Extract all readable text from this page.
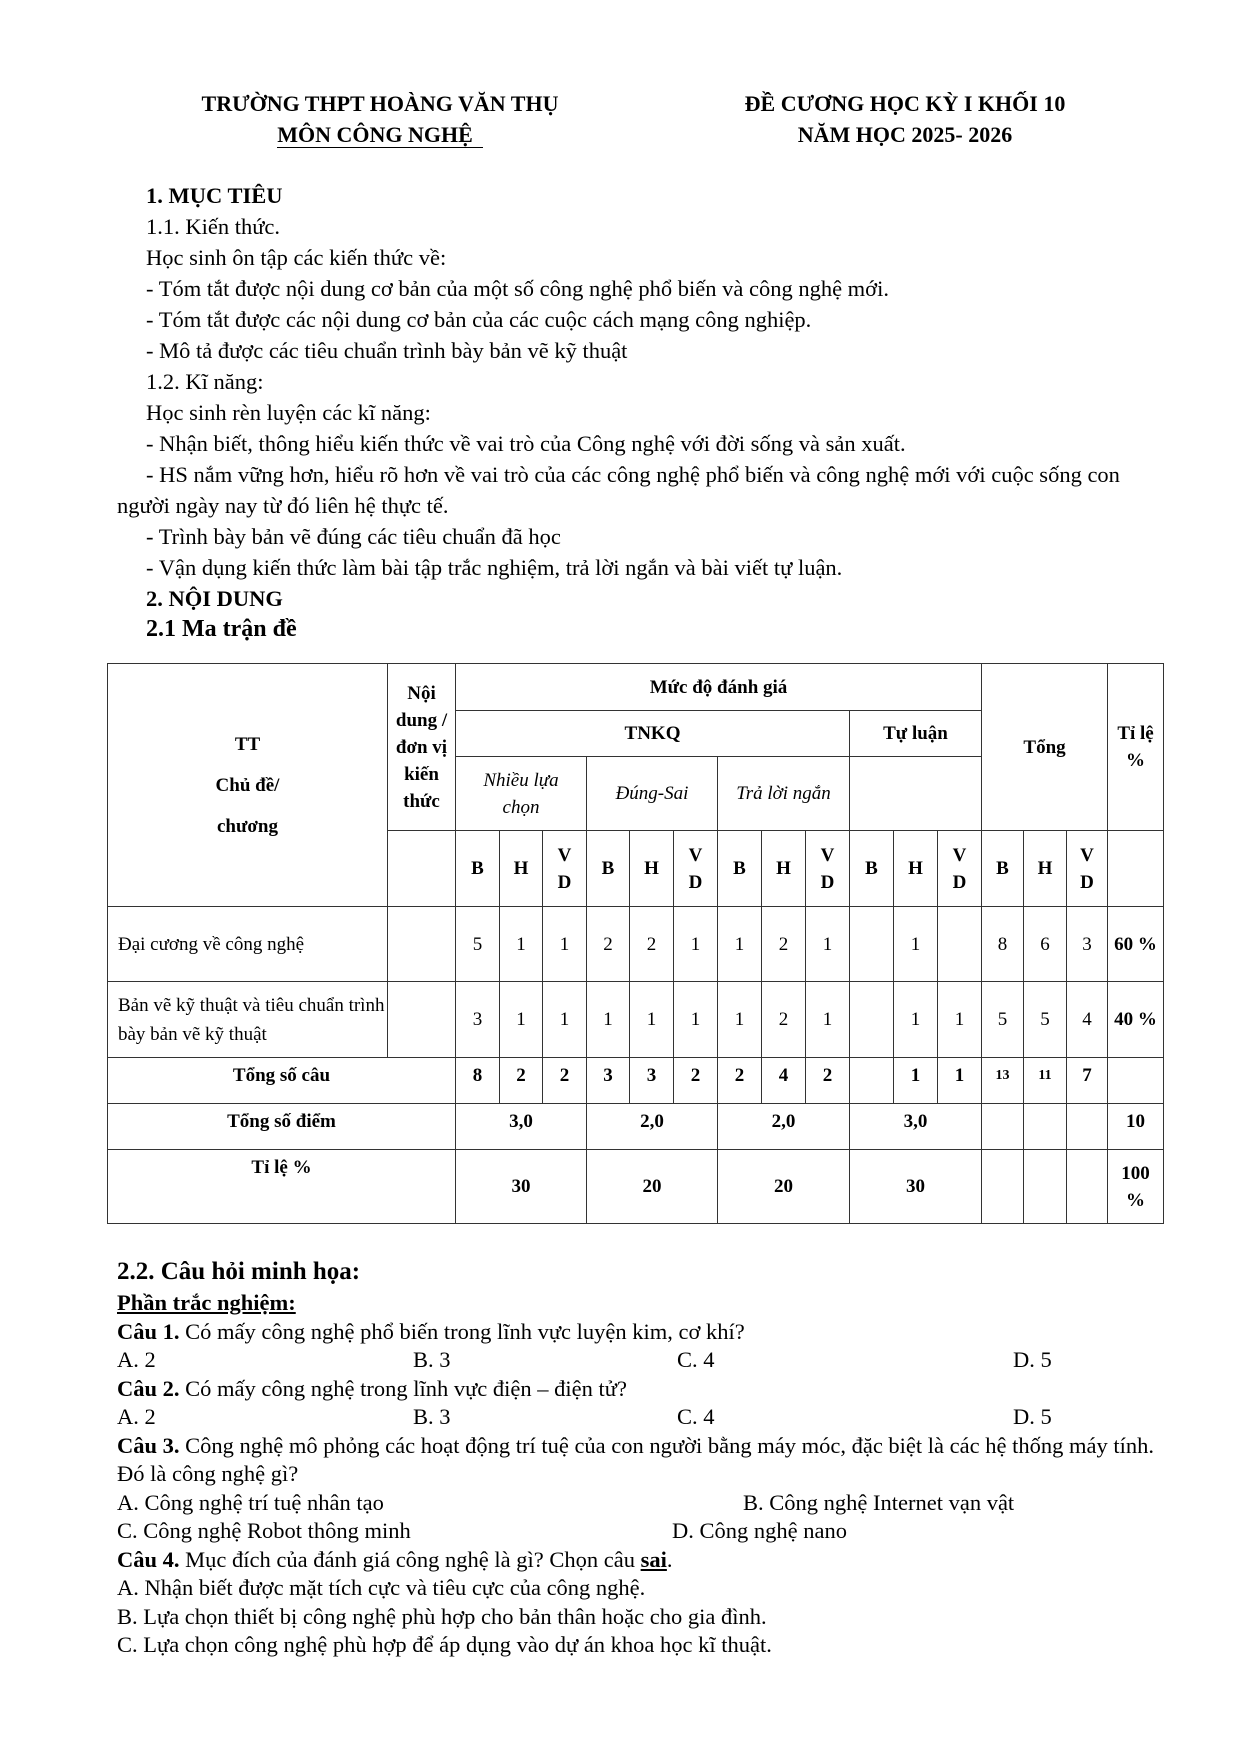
TRƯỜNG THPT HOÀNG VĂN THỤ
MÔN CÔNG NGHỆ
ĐỀ CƯƠNG HỌC KỲ I KHỐI 10
NĂM HỌC 2025- 2026

1. MỤC TIÊU

1.1. Kiến thức.

Học sinh ôn tập các kiến thức về:

- Tóm tắt được nội dung cơ bản của một số công nghệ phổ biến và công nghệ mới.

- Tóm tắt được các nội dung cơ bản của các cuộc cách mạng công nghiệp.

- Mô tả được các tiêu chuẩn trình bày bản vẽ kỹ thuật

1.2. Kĩ năng:

Học sinh rèn luyện các kĩ năng:

- Nhận biết, thông hiểu kiến thức về vai trò của Công nghệ với đời sống và sản xuất.

- HS nắm vững hơn, hiểu rõ hơn về vai trò của các công nghệ phổ biến và công nghệ mới với cuộc sống con người ngày nay từ đó liên hệ thực tế.

- Trình bày bản vẽ đúng các tiêu chuẩn đã học

- Vận dụng kiến thức làm bài tập trắc nghiệm, trả lời ngắn và bài viết tự luận.

2. NỘI DUNG

2.1 Ma trận đề

TT
Chủ đề/
chương	Nội dung /đơn vị kiến thức	Mức độ đánh giá												Tổng			Tỉ lệ %
		TNKQ									Tự luận						
		Nhiều lựa chọn			Đúng-Sai			Trả lời ngắn									
		B	H	V D	B	H	V D	B	H	V D	B	H	V D	B	H	V D	
Đại cương về công nghệ		5	1	1	2	2	1	1	2	1		1		8	6	3	60 %
Bản vẽ kỹ thuật và tiêu chuẩn trình bày bản vẽ kỹ thuật		3	1	1	1	1	1	1	2	1		1	1	5	5	4	40 %
Tổng số câu		8	2	2	3	3	2	2	4	2		1	1	13	11	7	
Tổng số điểm		3,0			2,0			2,0			3,0						10
Tỉ lệ %		30			20			20			30						100 %
2.2. Câu hỏi minh họa:

Phần trắc nghiệm:

Câu 1. Có mấy công nghệ phổ biến trong lĩnh vực luyện kim, cơ khí?

A. 2	B. 3	C. 4	D. 5

Câu 2. Có mấy công nghệ trong lĩnh vực điện – điện tử?

A. 2	B. 3	C. 4	D. 5

Câu 3. Công nghệ mô phỏng các hoạt động trí tuệ của con người bằng máy móc, đặc biệt là các hệ thống máy tính. Đó là công nghệ gì?

A. Công nghệ trí tuệ nhân tạo	B. Công nghệ Internet vạn vật
C. Công nghệ Robot thông minh	D. Công nghệ nano

Câu 4. Mục đích của đánh giá công nghệ là gì? Chọn câu sai.

A. Nhận biết được mặt tích cực và tiêu cực của công nghệ.

B. Lựa chọn thiết bị công nghệ phù hợp cho bản thân hoặc cho gia đình.

C. Lựa chọn công nghệ phù hợp để áp dụng vào dự án khoa học kĩ thuật.
